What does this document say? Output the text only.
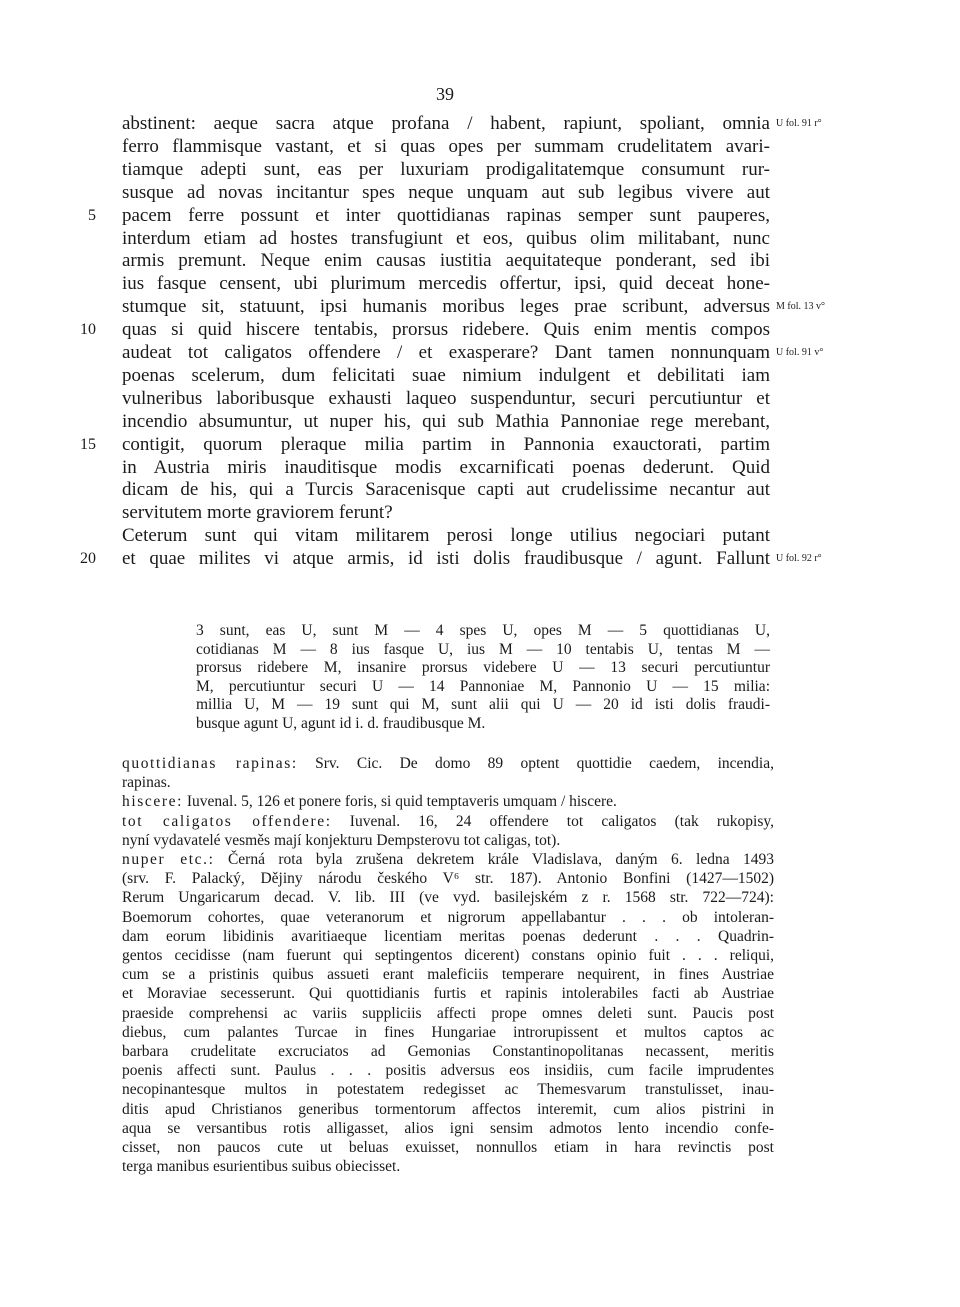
39
abstinent: aeque sacra atque profana / habent, rapiunt, spoliant, omnia U fol. 91 r°
ferro flammisque vastant, et si quas opes per summam crudelitatem avari-
tiamque adepti sunt, eas per luxuriam prodigalitatemque consumunt rur-
susque ad novas incitantur spes neque unquam aut sub legibus vivere aut
pacem ferre possunt et inter quottidianas rapinas semper sunt pauperes,
5
interdum etiam ad hostes transfugiunt et eos, quibus olim militabant, nunc
armis premunt. Neque enim causas iustitia aequitateque ponderant, sed ibi
ius fasque censent, ubi plurimum mercedis offertur, ipsi, quid deceat hone-
stumque sit, statuunt, ipsi humanis moribus leges prae scribunt, adversus M fol. 13 v°
quas si quid hiscere tentabis, prorsus ridebere. Quis enim mentis compos
10
audeat tot caligatos offendere / et exasperare? Dant tamen nonnunquam U fol. 91 v°
poenas scelerum, dum felicitati suae nimium indulgent et debilitati iam
vulneribus laboribusque exhausti laqueo suspenduntur, securi percutiuntur et
incendio absumuntur, ut nuper his, qui sub Mathia Pannoniae rege merebant,
contigit, quorum pleraque milia partim in Pannonia exauctorati, partim
15
in Austria miris inauditisque modis excarnificati poenas dederunt. Quid
dicam de his, qui a Turcis Saracenisque capti aut crudelissime necantur aut
servitutem morte graviorem ferunt?
Ceterum sunt qui vitam militarem perosi longe utilius negociari putant
et quae milites vi atque armis, id isti dolis fraudibusque / agunt. Fallunt
20	U fol. 92 r°
3 sunt, eas U, sunt M — 4 spes U, opes M — 5 quottidianas U,
cotidianas M — 8 ius fasque U, ius M — 10 tentabis U, tentas M —
prorsus ridebere M, insanire prorsus videbere U — 13 securi percutiuntur
M, percutiuntur securi U — 14 Pannoniae M, Pannonio U — 15 milia:
millia U, M — 19 sunt qui M, sunt alii qui U — 20 id isti dolis fraudi-
busque agunt U, agunt id i. d. fraudibusque M.
quottidianas rapinas: Srv. Cic. De domo 89 optent quottidie caedem, incendia,
rapinas.
hiscere: Iuvenal. 5, 126 et ponere foris, si quid temptaveris umquam / hiscere.
tot caligatos offendere: Iuvenal. 16, 24 offendere tot caligatos (tak rukopisy,
nyní vydavatelé vesměs mají konjekturu Dempsterovu tot caligas, tot).
nuper etc.: Černá rota byla zrušena dekretem krále Vladislava, daným 6. ledna 1493
(srv. F. Palacký, Dějiny národu českého V⁶ str. 187). Antonio Bonfini (1427—1502)
Rerum Ungaricarum decad. V. lib. III (ve vyd. basilejském z r. 1568 str. 722—724):
Boemorum cohortes, quae veteranorum et nigrorum appellabantur . . . ob intoleran-
dam eorum libidinis avaritiaeque licentiam meritas poenas dederunt . . . Quadrin-
gentos cecidisse (nam fuerunt qui septingentos dicerent) constans opinio fuit . . . reliqui,
cum se a pristinis quibus assueti erant maleficiis temperare nequirent, in fines Austriae
et Moraviae secesserunt. Qui quottidianis furtis et rapinis intolerabiles facti ab Austriae
praeside comprehensi ac variis suppliciis affecti prope omnes deleti sunt. Paucis post
diebus, cum palantes Turcae in fines Hungariae introrupissent et multos captos ac
barbara crudelitate excruciatos ad Gemonias Constantinopolitanas necassent, meritis
poenis affecti sunt. Paulus . . . positis adversus eos insidiis, cum facile imprudentes
necopinantesque multos in potestatem redegisset ac Themesvarum transtulisset, inau-
ditis apud Christianos generibus tormentorum affectos interemit, cum alios pistrini in
aqua se versantibus rotis alligasset, alios igni sensim admotos lento incendio confe-
cisset, non paucos cute ut beluas exuisset, nonnullos etiam in hara revinctis post
terga manibus esurientibus suibus obiecisset.
